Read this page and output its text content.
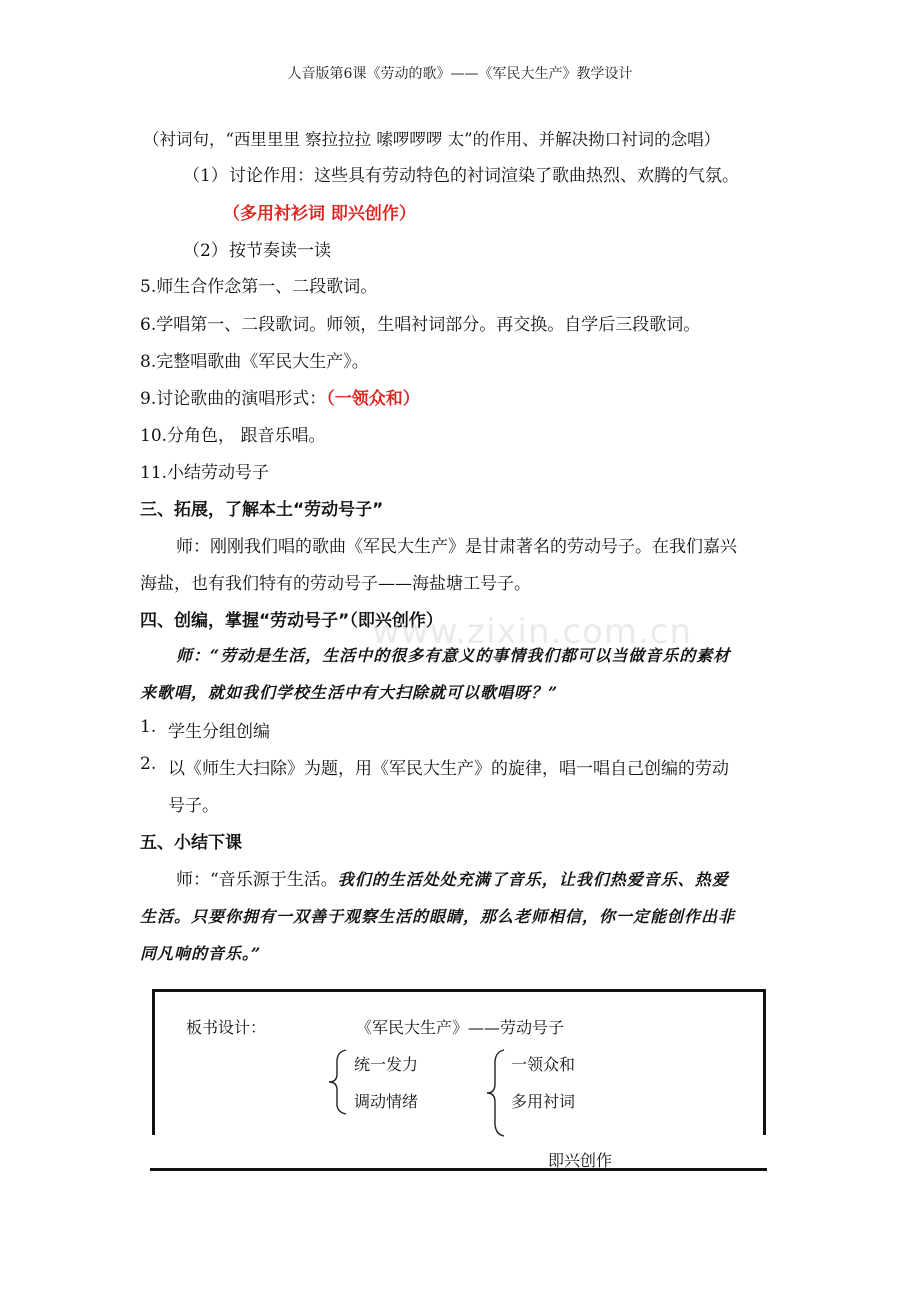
人音版第6课《劳动的歌》——《军民大生产》教学设计
（衬词句，“西里里里 察拉拉拉 嗦啰啰啰 太”的作用、并解决拗口衬词的念唱）
（1） 讨论作用：这些具有劳动特色的衬词渲染了歌曲热烈、欢腾的气氛。
（多用衬衫词 即兴创作）
（2） 按节奏读一读
5.师生合作念第一、二段歌词。
6.学唱第一、二段歌词。师领，生唱衬词部分。再交换。自学后三段歌词。
8.完整唱歌曲《军民大生产》。
9.讨论歌曲的演唱形式：（一领众和）
10.分角色， 跟音乐唱。
11.小结劳动号子
三、拓展，了解本土“劳动号子”
师：刚刚我们唱的歌曲《军民大生产》是甘肃著名的劳动号子。在我们嘉兴
海盐，也有我们特有的劳动号子——海盐塘工号子。
四、创编，掌握“劳动号子”（即兴创作）
师：“劳动是生活，生活中的很多有意义的事情我们都可以当做音乐的素材
来歌唱，就如我们学校生活中有大扫除就可以歌唱呀？”
1. 学生分组创编
2. 以《师生大扫除》为题，用《军民大生产》的旋律，唱一唱自己创编的劳动
号子。
五、小结下课
师：“音乐源于生活。我们的生活处处充满了音乐，让我们热爱音乐、热爱
生活。只要你拥有一双善于观察生活的眼睛，那么老师相信，你一定能创作出非
同凡响的音乐。”
www.zixin.com.cn
板书设计：	《军民大生产》——劳动号子
统一发力
调动情绪
一领众和
多用衬词
即兴创作
